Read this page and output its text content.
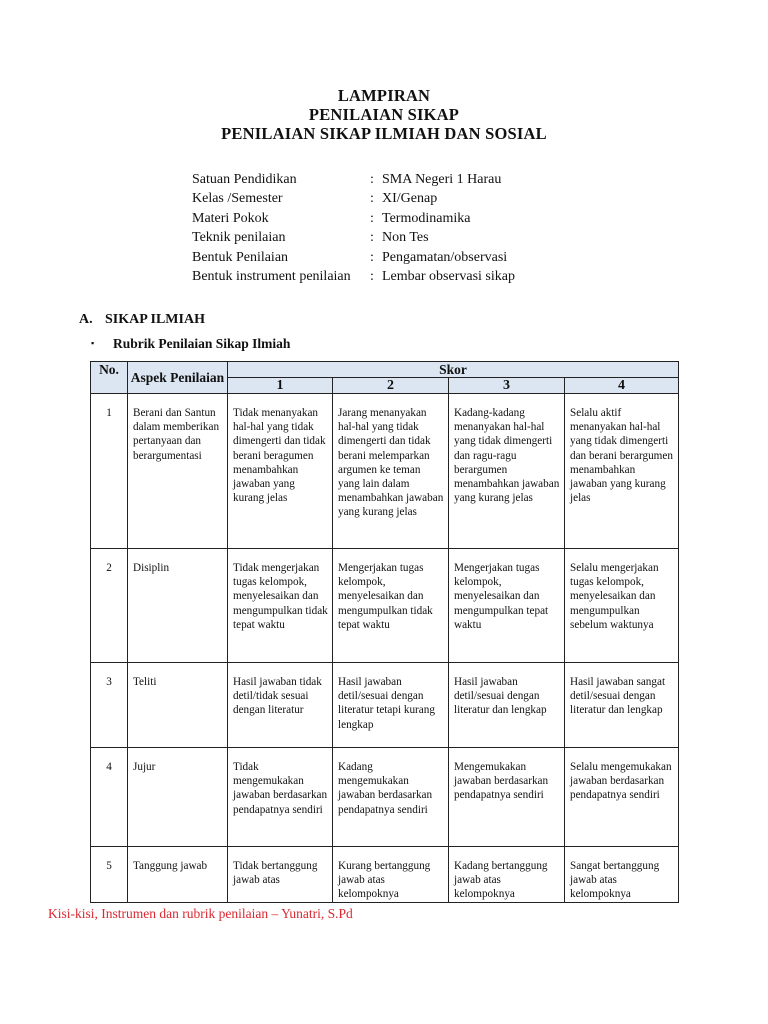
LAMPIRAN
PENILAIAN SIKAP
PENILAIAN SIKAP ILMIAH DAN SOSIAL
Satuan Pendidikan	: SMA Negeri 1 Harau
Kelas /Semester	: XI/Genap
Materi Pokok	: Termodinamika
Teknik penilaian	: Non Tes
Bentuk Penilaian	: Pengamatan/observasi
Bentuk instrument penilaian	: Lembar observasi sikap
A. SIKAP ILMIAH
▪ Rubrik Penilaian Sikap Ilmiah
No.	Aspek Penilaian	Skor			
		1	2	3	4
1	Berani dan Santun dalam memberikan pertanyaan dan berargumentasi	Tidak menanyakan hal-hal yang tidak dimengerti dan tidak berani beragumen menambahkan jawaban yang kurang jelas	Jarang menanyakan hal-hal yang tidak dimengerti dan tidak berani melemparkan argumen ke teman yang lain dalam menambahkan jawaban yang kurang jelas	Kadang-kadang menanyakan hal-hal yang tidak dimengerti dan ragu-ragu berargumen menambahkan jawaban yang kurang jelas	Selalu aktif menanyakan hal-hal yang tidak dimengerti dan berani berargumen menambahkan jawaban yang kurang jelas
2	Disiplin	Tidak mengerjakan tugas kelompok, menyelesaikan dan mengumpulkan tidak tepat waktu	Mengerjakan tugas kelompok, menyelesaikan dan mengumpulkan tidak tepat waktu	Mengerjakan tugas kelompok, menyelesaikan dan mengumpulkan tepat waktu	Selalu mengerjakan tugas kelompok, menyelesaikan dan mengumpulkan sebelum waktunya
3	Teliti	Hasil jawaban tidak detil/tidak sesuai dengan literatur	Hasil jawaban detil/sesuai dengan literatur tetapi kurang lengkap	Hasil jawaban detil/sesuai dengan literatur dan lengkap	Hasil jawaban sangat detil/sesuai dengan literatur dan lengkap
4	Jujur	Tidak mengemukakan jawaban berdasarkan pendapatnya sendiri	Kadang mengemukakan jawaban berdasarkan pendapatnya sendiri	Mengemukakan jawaban berdasarkan pendapatnya sendiri	Selalu mengemukakan jawaban berdasarkan pendapatnya sendiri
5	Tanggung jawab	Tidak bertanggung jawab atas	Kurang bertanggung jawab atas kelompoknya	Kadang bertanggung jawab atas kelompoknya	Sangat bertanggung jawab atas kelompoknya
Kisi-kisi, Instrumen dan rubrik penilaian – Yunatri, S.Pd
